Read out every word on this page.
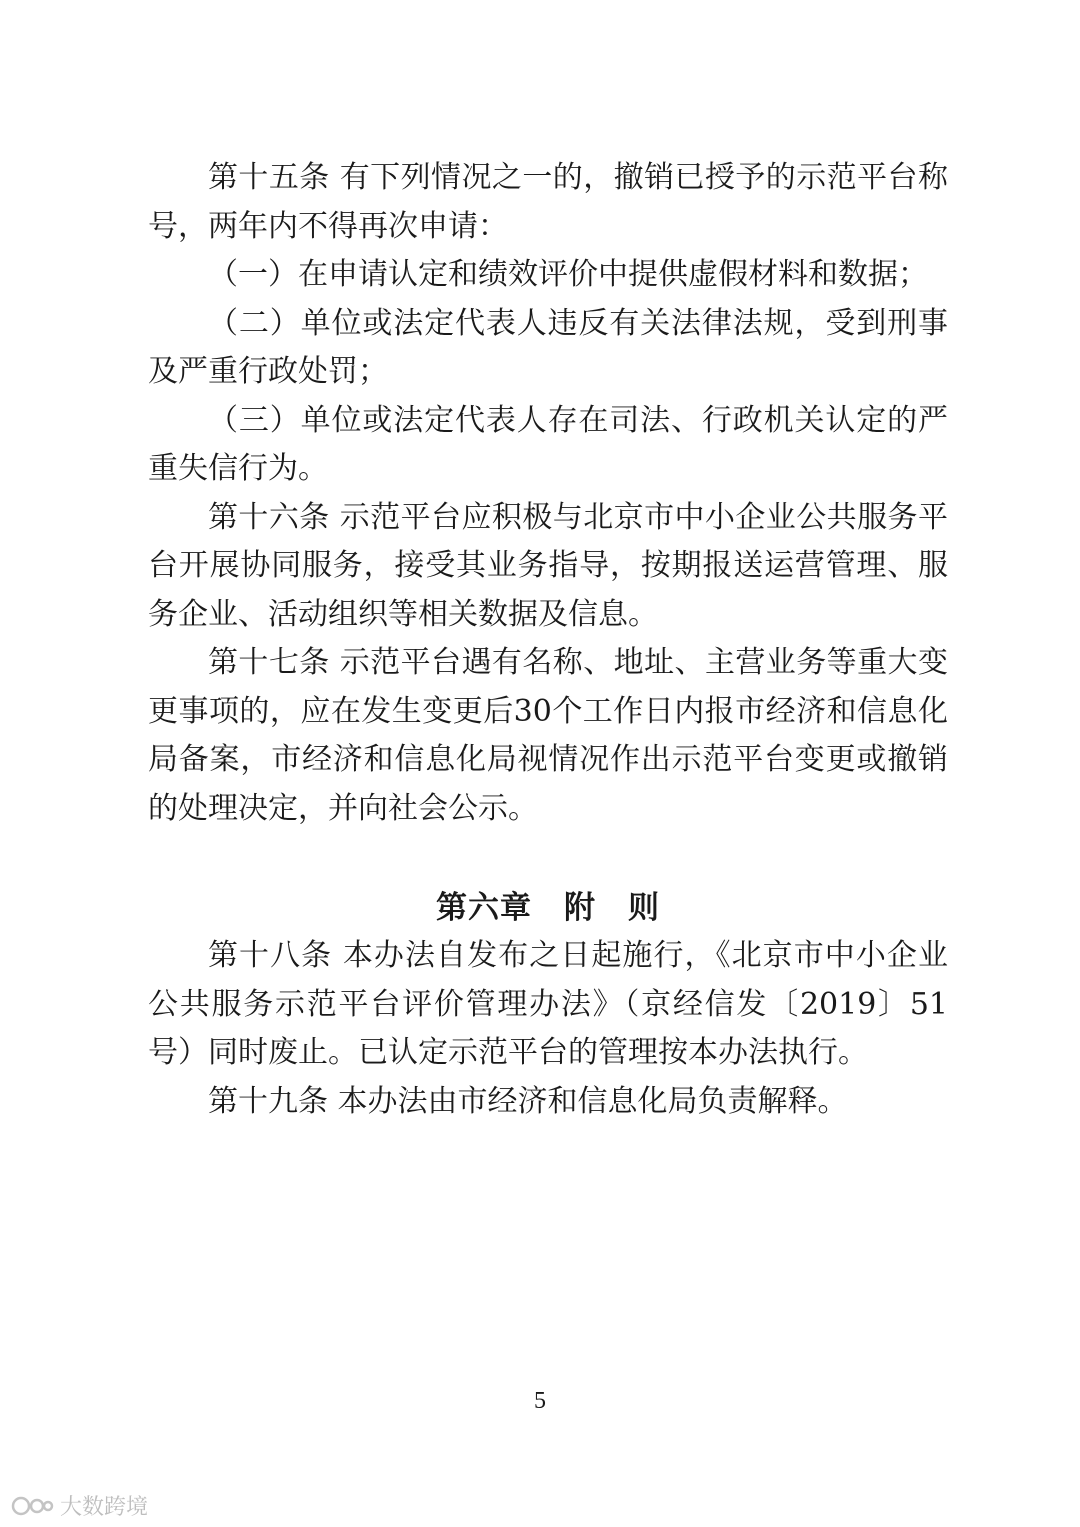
第十五条 有下列情况之一的，撤销已授予的示范平台称号，两年内不得再次申请：

（一）在申请认定和绩效评价中提供虚假材料和数据；

（二）单位或法定代表人违反有关法律法规，受到刑事及严重行政处罚；

（三）单位或法定代表人存在司法、行政机关认定的严重失信行为。

第十六条 示范平台应积极与北京市中小企业公共服务平台开展协同服务，接受其业务指导，按期报送运营管理、服务企业、活动组织等相关数据及信息。

第十七条 示范平台遇有名称、地址、主营业务等重大变更事项的，应在发生变更后30个工作日内报市经济和信息化局备案，市经济和信息化局视情况作出示范平台变更或撤销的处理决定，并向社会公示。

第六章　附　则

第十八条 本办法自发布之日起施行，《北京市中小企业公共服务示范平台评价管理办法》（京经信发〔2019〕51号）同时废止。已认定示范平台的管理按本办法执行。

第十九条 本办法由市经济和信息化局负责解释。

5
大数跨境
